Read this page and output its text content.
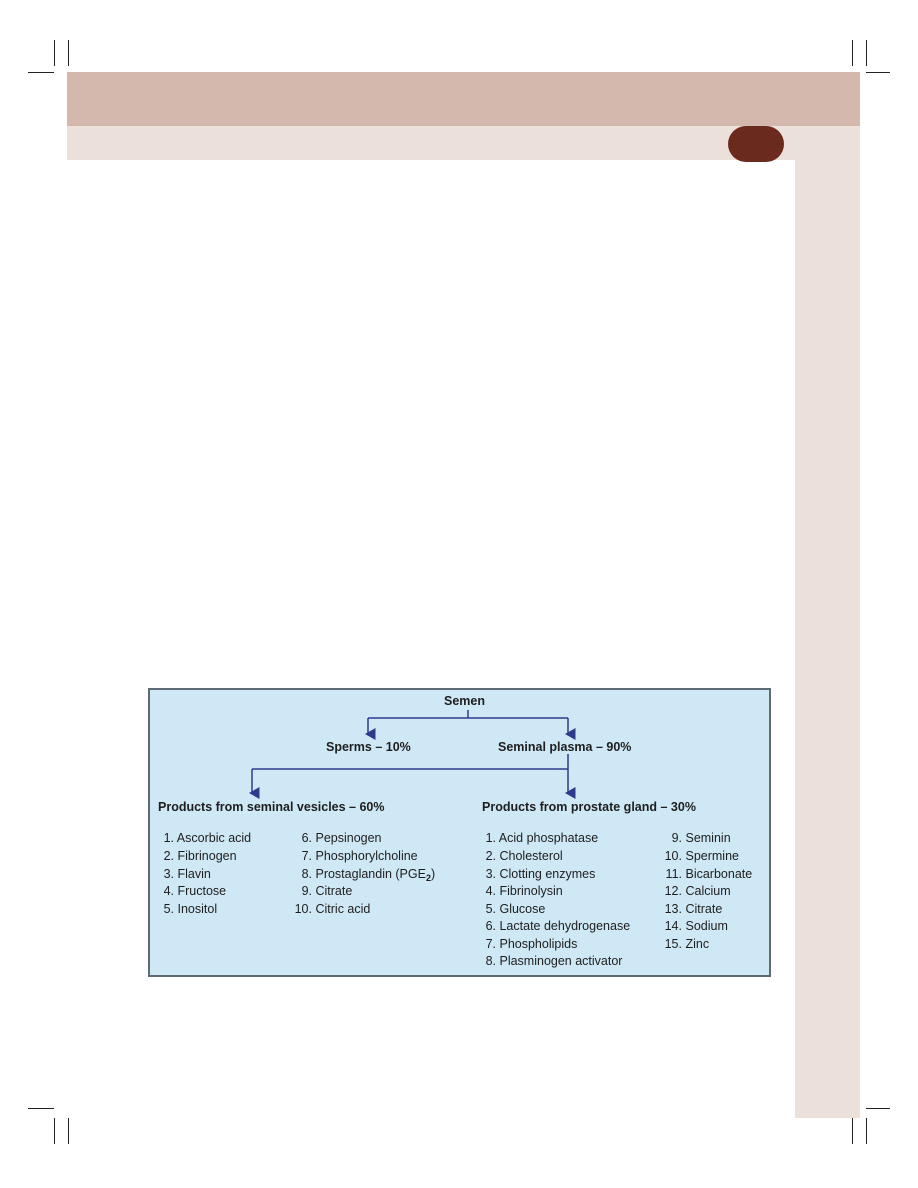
Semen
Sperms – 10%	Seminal plasma – 90%
Products from seminal vesicles – 60%	Products from prostate gland – 30%
1. Ascorbic acid
2. Fibrinogen
3. Flavin
4. Fructose
5. Inositol
6. Pepsinogen
7. Phosphorylcholine
8. Prostaglandin $(PGE_2)$
9. Citrate
10. Citric acid
1. Acid phosphatase
2. Cholesterol
3. Clotting enzymes
4. Fibrinolysin
5. Glucose
6. Lactate dehydrogenase
7. Phospholipids
8. Plasminogen activator
9. Seminin
10. Spermine
11. Bicarbonate
12. Calcium
13. Citrate
14. Sodium
15. Zinc
